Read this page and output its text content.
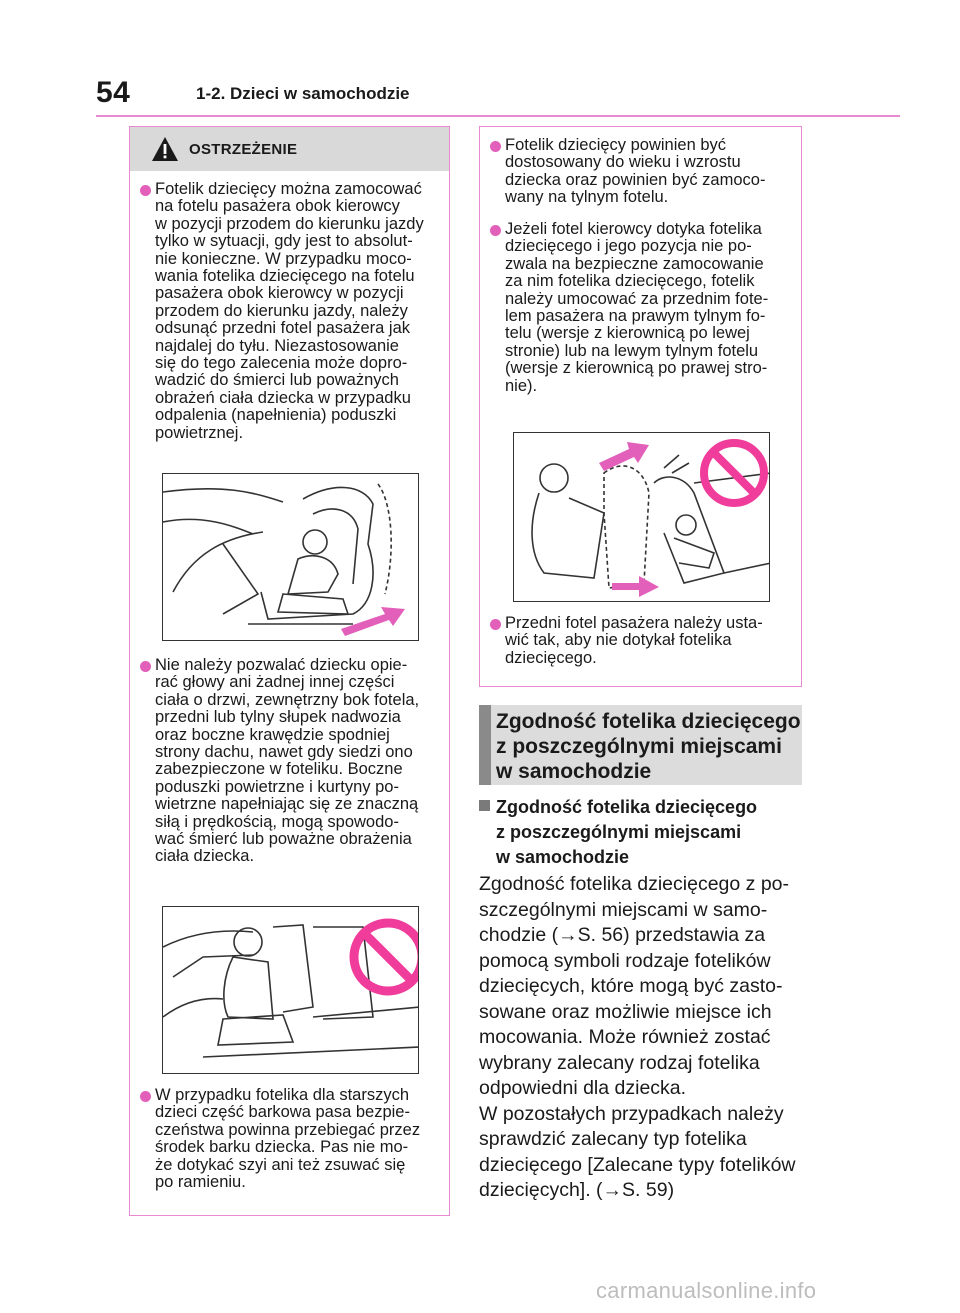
54	1-2. Dzieci w samochodzie
OSTRZEŻENIE
Fotelik dziecięcy można zamocować
na fotelu pasażera obok kierowcy
w pozycji przodem do kierunku jazdy
tylko w sytuacji, gdy jest to absolut-
nie konieczne. W przypadku moco-
wania fotelika dziecięcego na fotelu
pasażera obok kierowcy w pozycji
przodem do kierunku jazdy, należy
odsunąć przedni fotel pasażera jak
najdalej do tyłu. Niezastosowanie
się do tego zalecenia może dopro-
wadzić do śmierci lub poważnych
obrażeń ciała dziecka w przypadku
odpalenia (napełnienia) poduszki
powietrznej.
Nie należy pozwalać dziecku opie-
rać głowy ani żadnej innej części
ciała o drzwi, zewnętrzny bok fotela,
przedni lub tylny słupek nadwozia
oraz boczne krawędzie spodniej
strony dachu, nawet gdy siedzi ono
zabezpieczone w foteliku. Boczne
poduszki powietrzne i kurtyny po-
wietrzne napełniając się ze znaczną
siłą i prędkością, mogą spowodo-
wać śmierć lub poważne obrażenia
ciała dziecka.
W przypadku fotelika dla starszych
dzieci część barkowa pasa bezpie-
czeństwa powinna przebiegać przez
środek barku dziecka. Pas nie mo-
że dotykać szyi ani też zsuwać się
po ramieniu.
Fotelik dziecięcy powinien być
dostosowany do wieku i wzrostu
dziecka oraz powinien być zamoco-
wany na tylnym fotelu.
Jeżeli fotel kierowcy dotyka fotelika
dziecięcego i jego pozycja nie po-
zwala na bezpieczne zamocowanie
za nim fotelika dziecięcego, fotelik
należy umocować za przednim fote-
lem pasażera na prawym tylnym fo-
telu (wersje z kierownicą po lewej
stronie) lub na lewym tylnym fotelu
(wersje z kierownicą po prawej stro-
nie).
Przedni fotel pasażera należy usta-
wić tak, aby nie dotykał fotelika
dziecięcego.
Zgodność fotelika dziecięcego
z poszczególnymi miejscami
w samochodzie
Zgodność fotelika dziecięcego
z poszczególnymi miejscami
w samochodzie
Zgodność fotelika dziecięcego z po-
szczególnymi miejscami w samo-
chodzie (→S. 56) przedstawia za
pomocą symboli rodzaje fotelików
dziecięcych, które mogą być zasto-
sowane oraz możliwie miejsce ich
mocowania. Może również zostać
wybrany zalecany rodzaj fotelika
odpowiedni dla dziecka.
W pozostałych przypadkach należy
sprawdzić zalecany typ fotelika
dziecięcego [Zalecane typy fotelików
dziecięcych]. (→S. 59)
carmanualsonline.info
